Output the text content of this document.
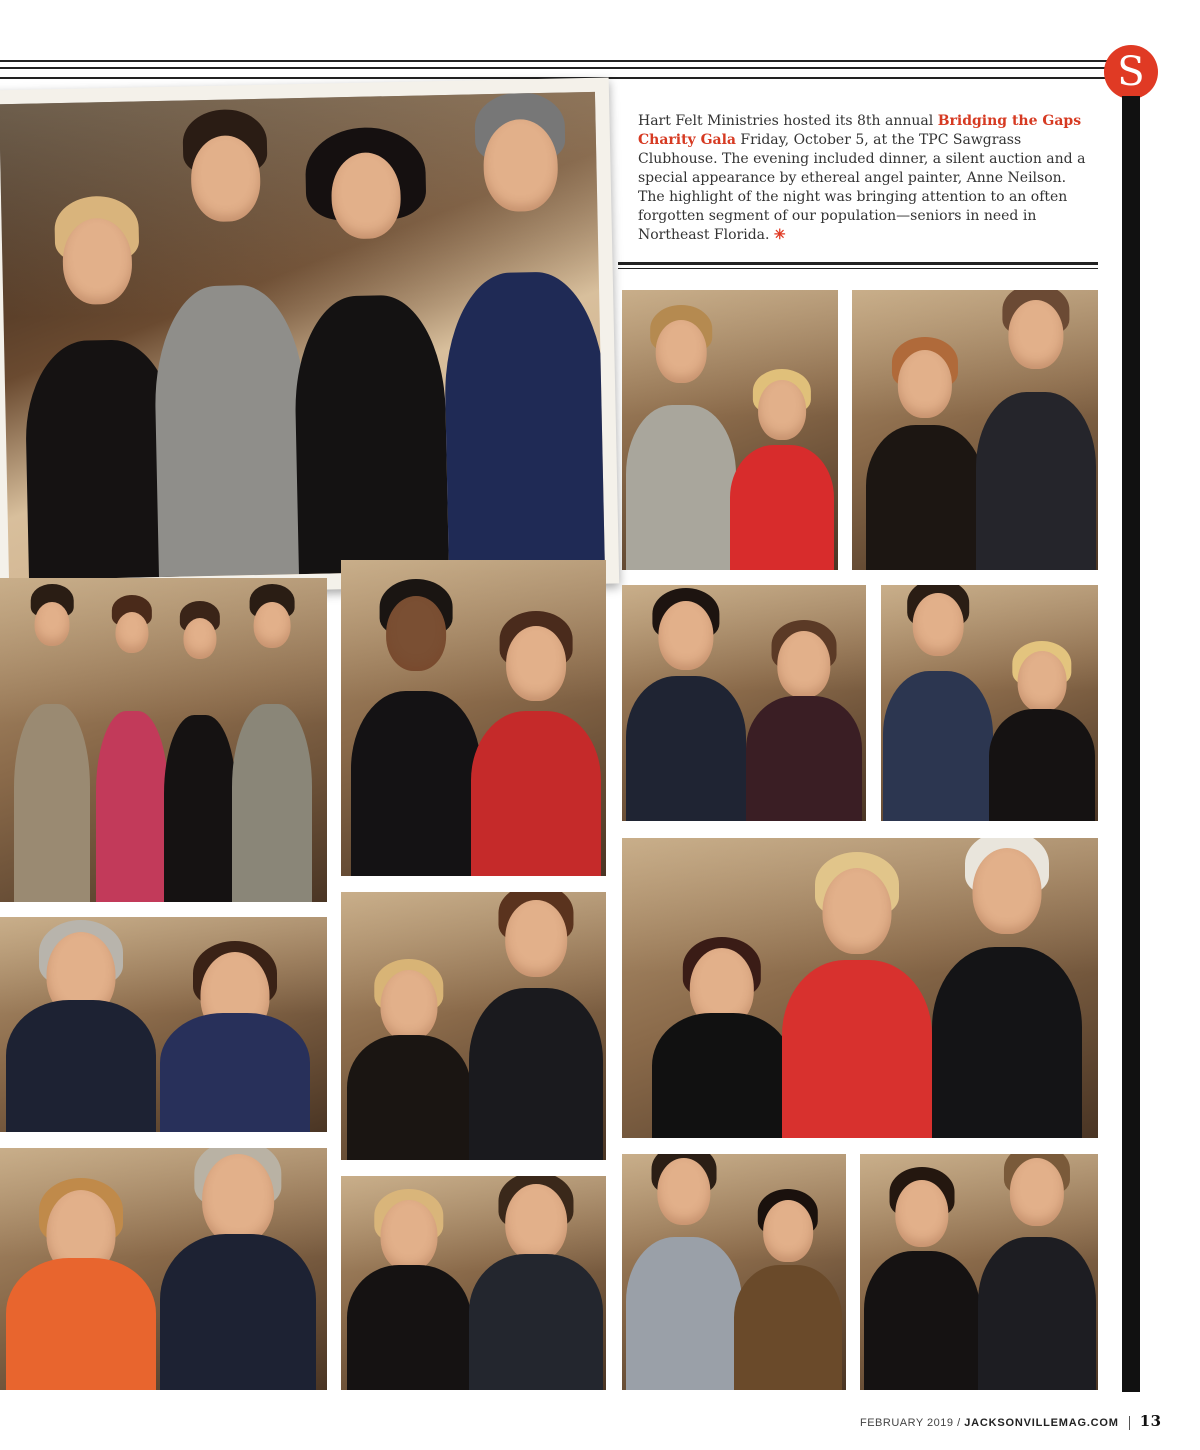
S
Hart Felt Ministries hosted its 8th annual Bridging the Gaps Charity Gala Friday, October 5, at the TPC Sawgrass Clubhouse. The evening included dinner, a silent auction and a special appearance by ethereal angel painter, Anne Neilson. The highlight of the night was bringing attention to an often forgotten segment of our population—seniors in need in Northeast Florida. ✳
FEBRUARY 2019 / JACKSONVILLEMAG.COM 13
